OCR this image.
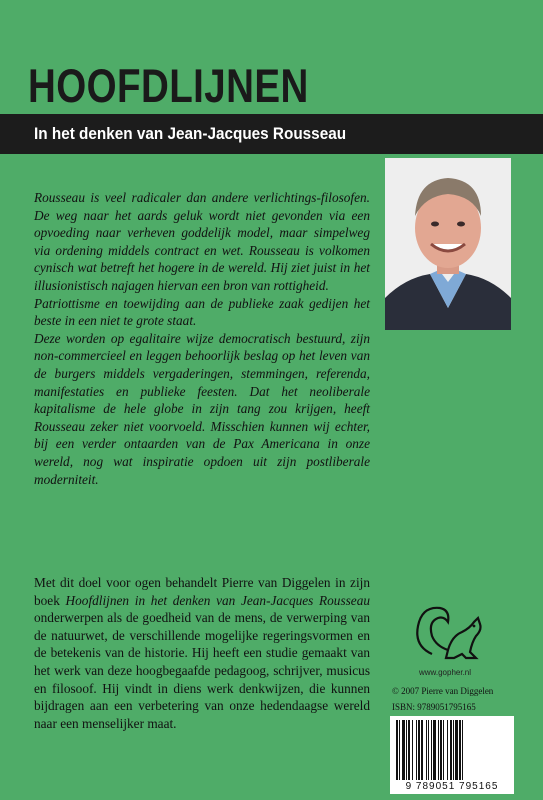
HOOFDLIJNEN
In het denken van Jean-Jacques Rousseau

Rousseau is veel radicaler dan andere verlichtings-filosofen. De weg naar het aards geluk wordt niet gevonden via een opvoeding naar verheven goddelijk model, maar simpelweg via ordening middels contract en wet. Rousseau is volkomen cynisch wat betreft het hogere in de wereld. Hij ziet juist in het illusionistisch najagen hiervan een bron van rottigheid.

Patriottisme en toewijding aan de publieke zaak gedijen het beste in een niet te grote staat.

Deze worden op egalitaire wijze democratisch bestuurd, zijn non-commercieel en leggen behoorlijk beslag op het leven van de burgers middels vergaderingen, stemmingen, referenda, manifestaties en publieke feesten. Dat het neoliberale kapitalisme de hele globe in zijn tang zou krijgen, heeft Rousseau zeker niet voorvoeld. Misschien kunnen wij echter, bij een verder ontaarden van de Pax Americana in onze wereld, nog wat inspiratie opdoen uit zijn postliberale moderniteit.

Met dit doel voor ogen behandelt Pierre van Diggelen in zijn boek Hoofdlijnen in het denken van Jean-Jacques Rousseau onderwerpen als de goedheid van de mens, de verwerping van de natuurwet, de verschillende mogelijke regeringsvormen en de betekenis van de historie. Hij heeft een studie gemaakt van het werk van deze hoogbegaafde pedagoog, schrijver, musicus en filosoof. Hij vindt in diens werk denkwijzen, die kunnen bijdragen aan een verbetering van onze hedendaagse wereld naar een menselijker maat.

www.gopher.nl
© 2007 Pierre van Diggelen
ISBN: 9789051795165
9 789051 795165
